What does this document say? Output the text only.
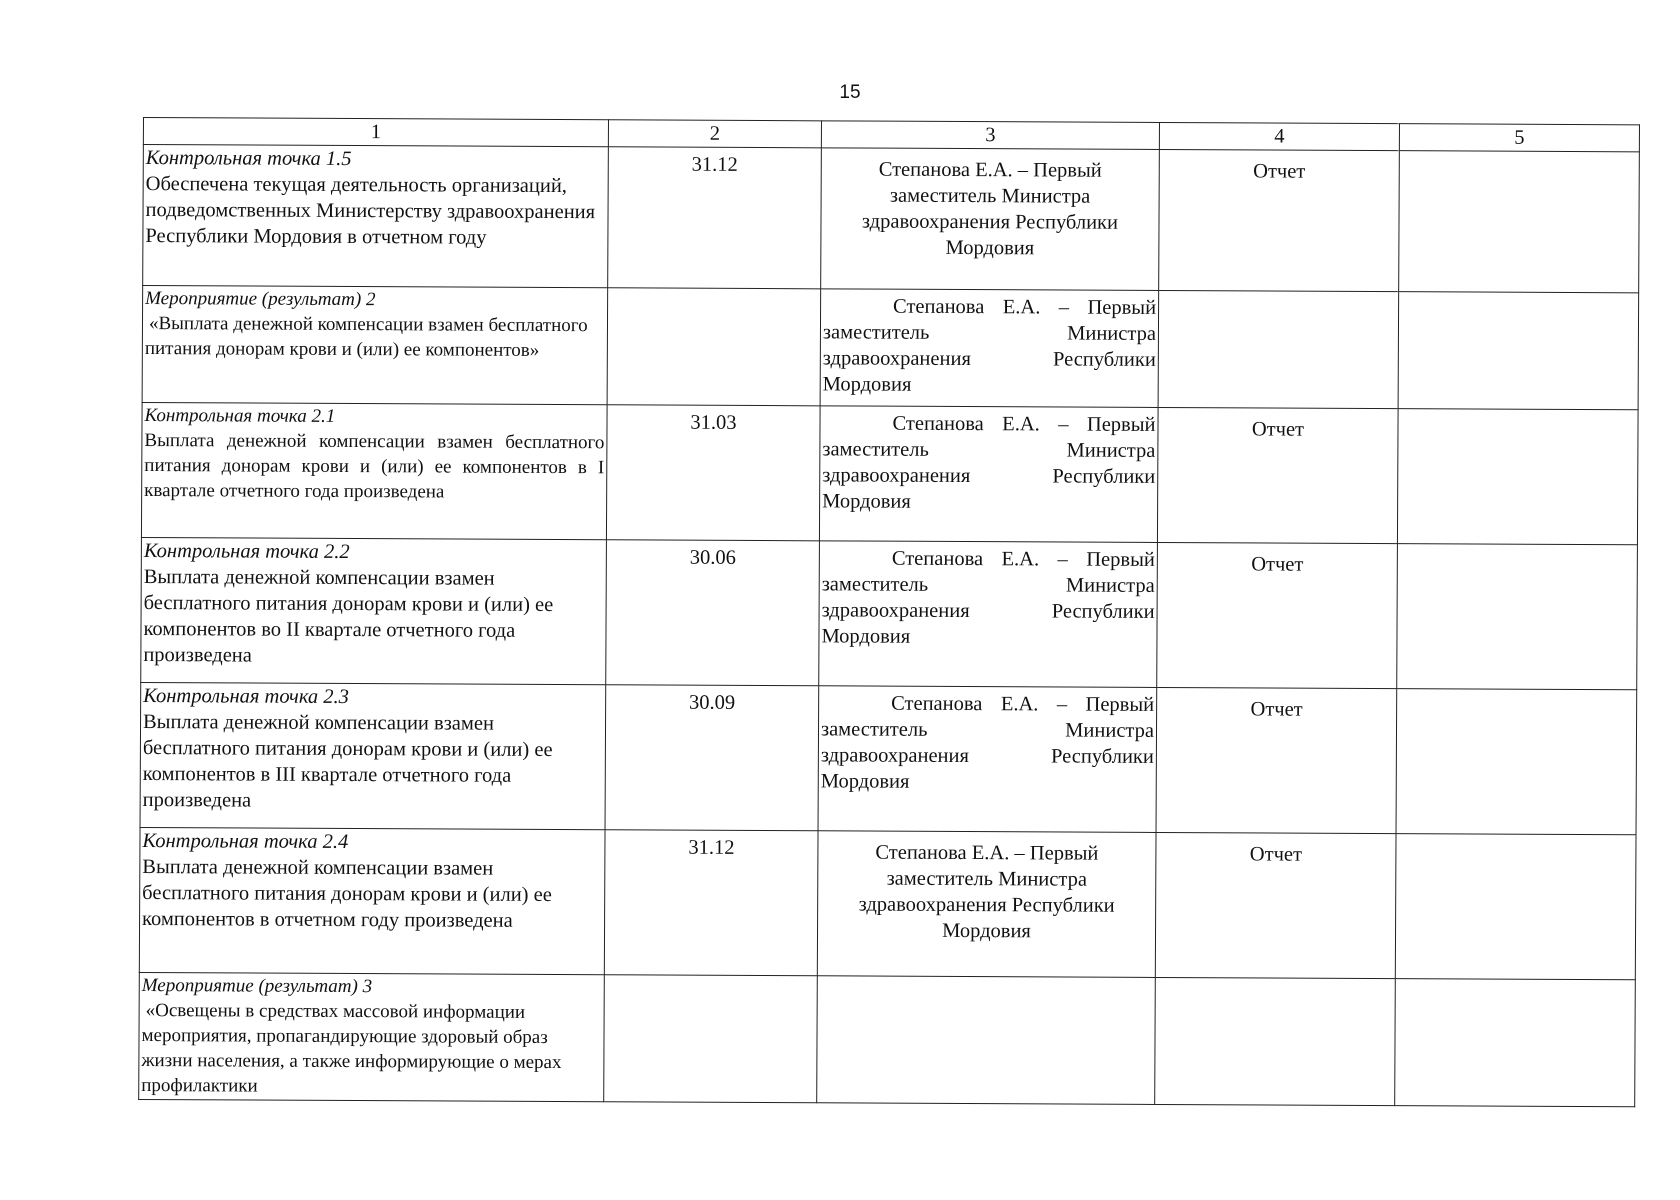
15
1	2	3	4	5

Контрольная точка 1.5
Обеспечена текущая деятельность организаций, подведомственных Министерству здравоохранения Республики Мордовия в отчетном году	31.12	Степанова Е.А. – Первый заместитель Министра здравоохранения Республики Мордовия	Отчет	

Мероприятие (результат) 2
«Выплата денежной компенсации взамен бесплатного питания донорам крови и (или) ее компонентов»		Степанова Е.А. – Первый заместитель Министра здравоохранения Республики Мордовия		

Контрольная точка 2.1
Выплата денежной компенсации взамен бесплатного питания донорам крови и (или) ее компонентов в I квартале отчетного года произведена	31.03	Степанова Е.А. – Первый заместитель Министра здравоохранения Республики Мордовия	Отчет	

Контрольная точка 2.2
Выплата денежной компенсации взамен бесплатного питания донорам крови и (или) ее компонентов во II квартале отчетного года произведена	30.06	Степанова Е.А. – Первый заместитель Министра здравоохранения Республики Мордовия	Отчет	

Контрольная точка 2.3
Выплата денежной компенсации взамен бесплатного питания донорам крови и (или) ее компонентов в III квартале отчетного года произведена	30.09	Степанова Е.А. – Первый заместитель Министра здравоохранения Республики Мордовия	Отчет	

Контрольная точка 2.4
Выплата денежной компенсации взамен бесплатного питания донорам крови и (или) ее компонентов в отчетном году произведена	31.12	Степанова Е.А. – Первый заместитель Министра здравоохранения Республики Мордовия	Отчет	

Мероприятие (результат) 3
«Освещены в средствах массовой информации мероприятия, пропагандирующие здоровый образ жизни населения, а также информирующие о мерах профилактики				
